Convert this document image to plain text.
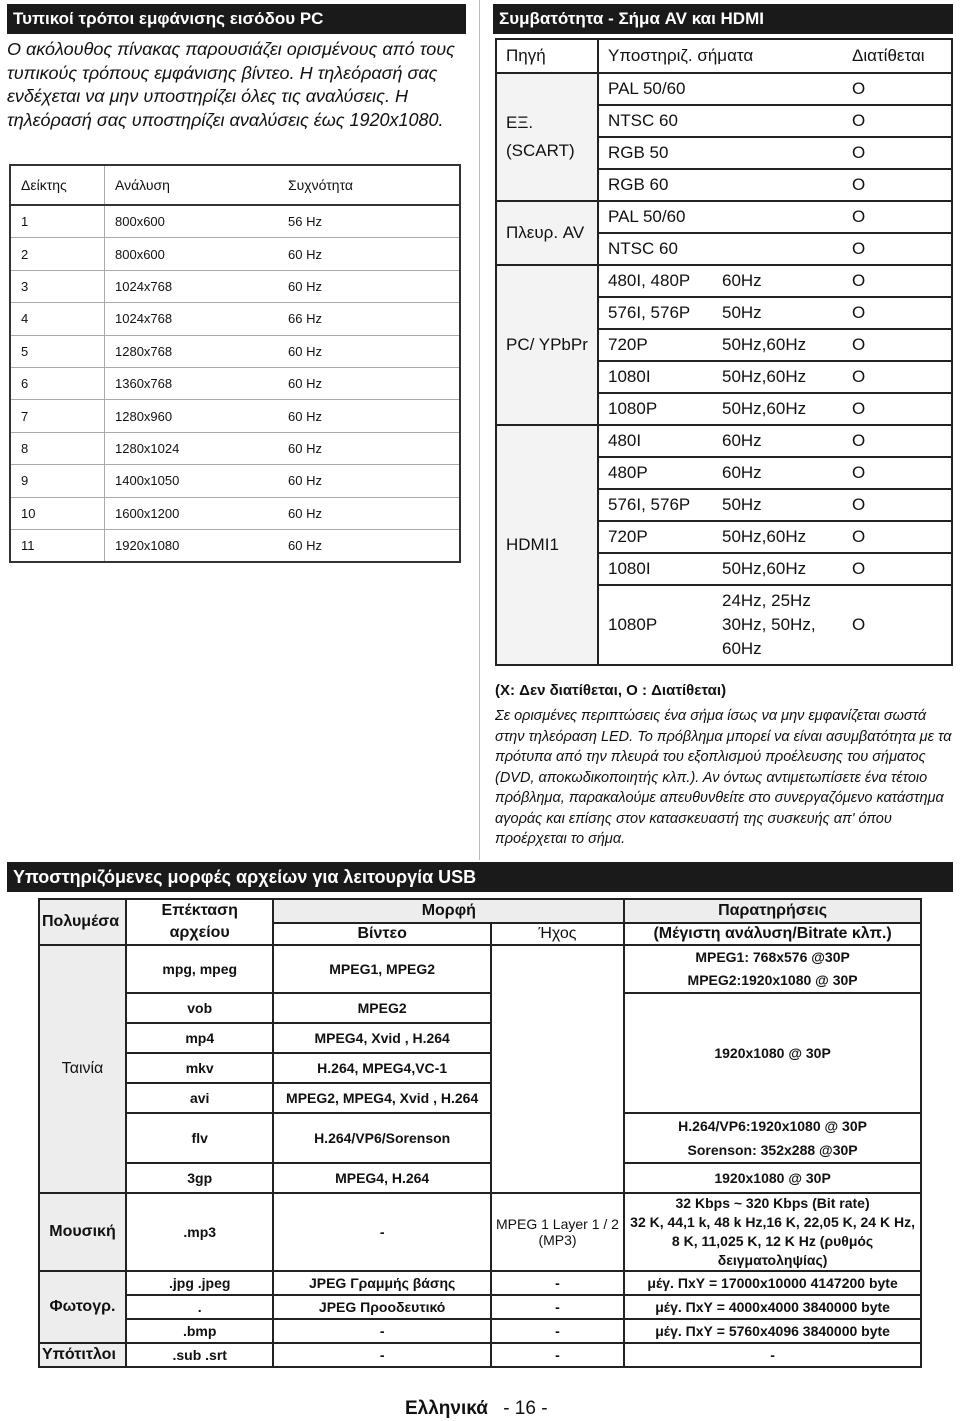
Τυπικοί τρόποι εμφάνισης εισόδου PC
Ο ακόλουθος πίνακας παρουσιάζει ορισμένους από τους τυπικούς τρόπους εμφάνισης βίντεο. Η τηλεόρασή σας ενδέχεται να μην υποστηρίζει όλες τις αναλύσεις. Η τηλεόρασή σας υποστηρίζει αναλύσεις έως 1920x1080.
Δείκτης	Ανάλυση	Συχνότητα
1	800x600	56 Hz
2	800x600	60 Hz
3	1024x768	60 Hz
4	1024x768	66 Hz
5	1280x768	60 Hz
6	1360x768	60 Hz
7	1280x960	60 Hz
8	1280x1024	60 Hz
9	1400x1050	60 Hz
10	1600x1200	60 Hz
11	1920x1080	60 Hz
Συμβατότητα - Σήμα AV και HDMI
Πηγή	Υποστηριζ. σήματα		Διατίθεται
ΕΞ. (SCART)	PAL 50/60		O
	NTSC 60		O
	RGB 50		O
	RGB 60		O
Πλευρ. AV	PAL 50/60		O
	NTSC 60		O
PC/ YPbPr	480I, 480P	60Hz	O
	576I, 576P	50Hz	O
	720P	50Hz,60Hz	O
	1080I	50Hz,60Hz	O
	1080P	50Hz,60Hz	O
HDMI1	480I	60Hz	O
	480P	60Hz	O
	576I, 576P	50Hz	O
	720P	50Hz,60Hz	O
	1080I	50Hz,60Hz	O
	1080P	24Hz, 25Hz
30Hz, 50Hz,
60Hz	O
(X: Δεν διατίθεται, O : Διατίθεται)
Σε ορισμένες περιπτώσεις ένα σήμα ίσως να μην εμφανίζεται σωστά στην τηλεόραση LED. Το πρόβλημα μπορεί να είναι ασυμβατότητα με τα πρότυπα από την πλευρά του εξοπλισμού προέλευσης του σήματος (DVD, αποκωδικοποιητής κλπ.). Αν όντως αντιμετωπίσετε ένα τέτοιο πρόβλημα, παρακαλούμε απευθυνθείτε στο συνεργαζόμενο κατάστημα αγοράς και επίσης στον κατασκευαστή της συσκευής απ' όπου προέρχεται το σήμα.
Υποστηριζόμενες μορφές αρχείων για λειτουργία USB
Πολυμέσα	Επέκταση
αρχείου	Μορφή		Παρατηρήσεις
		Βίντεο	Ήχος	(Μέγιστη ανάλυση/Bitrate κλπ.)
Ταινία	mpg, mpeg	MPEG1, MPEG2		MPEG1: 768x576 @30P
MPEG2:1920x1080 @ 30P

	vob	MPEG2		1920x1080 @ 30P
	mp4	MPEG4, Xvid , H.264		
	mkv	H.264, MPEG4,VC-1		
	avi	MPEG2, MPEG4, Xvid , H.264		
	flv	H.264/VP6/Sorenson		H.264/VP6:1920x1080 @ 30P
Sorenson: 352x288 @30P

	3gp	MPEG4, H.264		1920x1080 @ 30P
Μουσική	.mp3	-	MPEG 1 Layer 1 / 2 (MP3)	32 Kbps ~ 320 Kbps (Bit rate)
32 K, 44,1 k, 48 k Hz,16 K, 22,05 K, 24 K Hz, 8 K, 11,025 K, 12 K Hz (ρυθμός δειγματοληψίας)

Φωτογρ.	.jpg .jpeg	JPEG Γραμμής βάσης	-	μέγ. ΠxΥ = 17000x10000 4147200 byte
	.	JPEG Προοδευτικό	-	μέγ. ΠxΥ = 4000x4000 3840000 byte
	.bmp	-	-	μέγ. ΠxΥ = 5760x4096 3840000 byte
Υπότιτλοι	.sub .srt	-	-	-
Ελληνικά - 16 -
